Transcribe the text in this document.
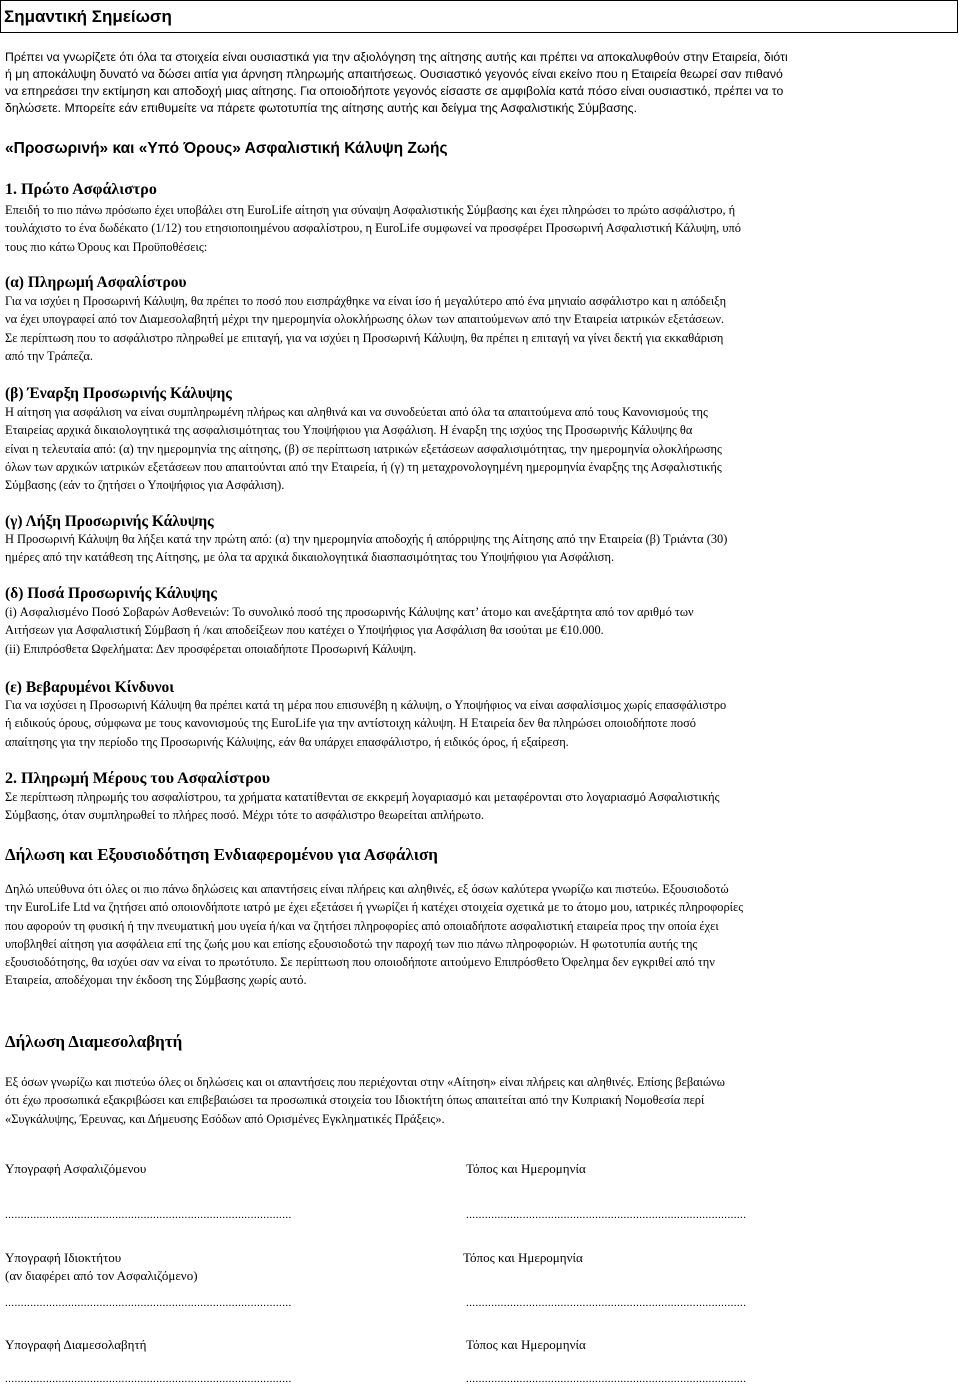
Σημαντική Σημείωση
Πρέπει να γνωρίζετε ότι όλα τα στοιχεία είναι ουσιαστικά για την αξιολόγηση της αίτησης αυτής και πρέπει να αποκαλυφθούν στην Εταιρεία, διότι
ή μη αποκάλυψη δυνατό να δώσει αιτία για άρνηση πληρωμής απαιτήσεως. Ουσιαστικό γεγονός είναι εκείνο που η Εταιρεία θεωρεί σαν πιθανό
να επηρεάσει την εκτίμηση και αποδοχή μιας αίτησης. Για οποιοδήποτε γεγονός είσαστε σε αμφιβολία κατά πόσο είναι ουσιαστικό, πρέπει να το
δηλώσετε. Μπορείτε εάν επιθυμείτε να πάρετε φωτοτυπία της αίτησης αυτής και δείγμα της Ασφαλιστικής Σύμβασης.
«Προσωρινή» και «Υπό Όρους» Ασφαλιστική Κάλυψη Ζωής
1. Πρώτο Ασφάλιστρο

Επειδή το πιο πάνω πρόσωπο έχει υποβάλει στη EuroLife αίτηση για σύναψη Ασφαλιστικής Σύμβασης και έχει πληρώσει το πρώτο ασφάλιστρο, ή

τουλάχιστο το ένα δωδέκατο (1/12) του ετησιοποιημένου ασφαλίστρου, η EuroLife συμφωνεί να προσφέρει Προσωρινή Ασφαλιστική Κάλυψη, υπό

τους πιο κάτω Όρους και Προϋποθέσεις:

(α) Πληρωμή Ασφαλίστρου

Για να ισχύει η Προσωρινή Κάλυψη, θα πρέπει το ποσό που εισπράχθηκε να είναι ίσο ή μεγαλύτερο από ένα μηνιαίο ασφάλιστρο και η απόδειξη

να έχει υπογραφεί από τον Διαμεσολαβητή μέχρι την ημερομηνία ολοκλήρωσης όλων των απαιτούμενων από την Εταιρεία ιατρικών εξετάσεων.

Σε περίπτωση που το ασφάλιστρο πληρωθεί με επιταγή, για να ισχύει η Προσωρινή Κάλυψη, θα πρέπει η επιταγή να γίνει δεκτή για εκκαθάριση

από την Τράπεζα.

(β) Έναρξη Προσωρινής Κάλυψης

Η αίτηση για ασφάλιση να είναι συμπληρωμένη πλήρως και αληθινά και να συνοδεύεται από όλα τα απαιτούμενα από τους Κανονισμούς της

Εταιρείας αρχικά δικαιολογητικά της ασφαλισιμότητας του Υποψήφιου για Ασφάλιση. Η έναρξη της ισχύος της Προσωρινής Κάλυψης θα

είναι η τελευταία από: (α) την ημερομηνία της αίτησης, (β) σε περίπτωση ιατρικών εξετάσεων ασφαλισιμότητας, την ημερομηνία ολοκλήρωσης

όλων των αρχικών ιατρικών εξετάσεων που απαιτούνται από την Εταιρεία, ή (γ) τη μεταχρονολογημένη ημερομηνία έναρξης της Ασφαλιστικής

Σύμβασης (εάν το ζητήσει ο Υποψήφιος για Ασφάλιση).

(γ) Λήξη Προσωρινής Κάλυψης

Η Προσωρινή Κάλυψη θα λήξει κατά την πρώτη από: (α) την ημερομηνία αποδοχής ή απόρριψης της Αίτησης από την Εταιρεία (β) Τριάντα (30)

ημέρες από την κατάθεση της Αίτησης, με όλα τα αρχικά δικαιολογητικά διασπασιμότητας του Υποψήφιου για Ασφάλιση.

(δ) Ποσά Προσωρινής Κάλυψης

(i) Ασφαλισμένο Ποσό Σοβαρών Ασθενειών: Το συνολικό ποσό της προσωρινής Κάλυψης κατ’ άτομο και ανεξάρτητα από τον αριθμό των

Αιτήσεων για Ασφαλιστική Σύμβαση ή /και αποδείξεων που κατέχει ο Υποψήφιος για Ασφάλιση θα ισούται με €10.000.

(ii) Επιπρόσθετα Ωφελήματα: Δεν προσφέρεται οποιαδήποτε Προσωρινή Κάλυψη.

(ε) Βεβαρυμένοι Κίνδυνοι

Για να ισχύσει η Προσωρινή Κάλυψη θα πρέπει κατά τη μέρα που επισυνέβη η κάλυψη, ο Υποψήφιος να είναι ασφαλίσιμος χωρίς επασφάλιστρο

ή ειδικούς όρους, σύμφωνα με τους κανονισμούς της EuroLife για την αντίστοιχη κάλυψη. Η Εταιρεία δεν θα πληρώσει οποιοδήποτε ποσό

απαίτησης για την περίοδο της Προσωρινής Κάλυψης, εάν θα υπάρχει επασφάλιστρο, ή ειδικός όρος, ή εξαίρεση.

2. Πληρωμή Μέρους του Ασφαλίστρου

Σε περίπτωση πληρωμής του ασφαλίστρου, τα χρήματα κατατίθενται σε εκκρεμή λογαριασμό και μεταφέρονται στο λογαριασμό Ασφαλιστικής

Σύμβασης, όταν συμπληρωθεί το πλήρες ποσό. Μέχρι τότε το ασφάλιστρο θεωρείται απλήρωτο.

Δήλωση και Εξουσιοδότηση Ενδιαφερομένου για Ασφάλιση

Δηλώ υπεύθυνα ότι όλες οι πιο πάνω δηλώσεις και απαντήσεις είναι πλήρεις και αληθινές, εξ όσων καλύτερα γνωρίζω και πιστεύω. Εξουσιοδοτώ

την EuroLife Ltd να ζητήσει από οποιονδήποτε ιατρό με έχει εξετάσει ή γνωρίζει ή κατέχει στοιχεία σχετικά με το άτομο μου, ιατρικές πληροφορίες

που αφορούν τη φυσική ή την πνευματική μου υγεία ή/και να ζητήσει πληροφορίες από οποιαδήποτε ασφαλιστική εταιρεία προς την οποία έχει

υποβληθεί αίτηση για ασφάλεια επί της ζωής μου και επίσης εξουσιοδοτώ την παροχή των πιο πάνω πληροφοριών. Η φωτοτυπία αυτής της

εξουσιοδότησης, θα ισχύει σαν να είναι το πρωτότυπο. Σε περίπτωση που οποιοδήποτε αιτούμενο Επιπρόσθετο Όφελημα δεν εγκριθεί από την

Εταιρεία, αποδέχομαι την έκδοση της Σύμβασης χωρίς αυτό.

Δήλωση Διαμεσολαβητή

Εξ όσων γνωρίζω και πιστεύω όλες οι δηλώσεις και οι απαντήσεις που περιέχονται στην «Αίτηση» είναι πλήρεις και αληθινές. Επίσης βεβαιώνω

ότι έχω προσωπικά εξακριβώσει και επιβεβαιώσει τα προσωπικά στοιχεία του Ιδιοκτήτη όπως απαιτείται από την Κυπριακή Νομοθεσία περί

«Συγκάλυψης, Έρευνας, και Δήμευσης Εσόδων από Ορισμένες Εγκληματικές Πράξεις».

Υπογραφή Ασφαλιζόμενου	Τόπος και Ημερομηνία
...........................................................................................	.........................................................................................
Υπογραφή Ιδιοκτήτου
(αν διαφέρει από τον Ασφαλιζόμενο)
Τόπος και Ημερομηνία
...........................................................................................	.........................................................................................
Υπογραφή Διαμεσολαβητή	Τόπος και Ημερομηνία
...........................................................................................	.........................................................................................
